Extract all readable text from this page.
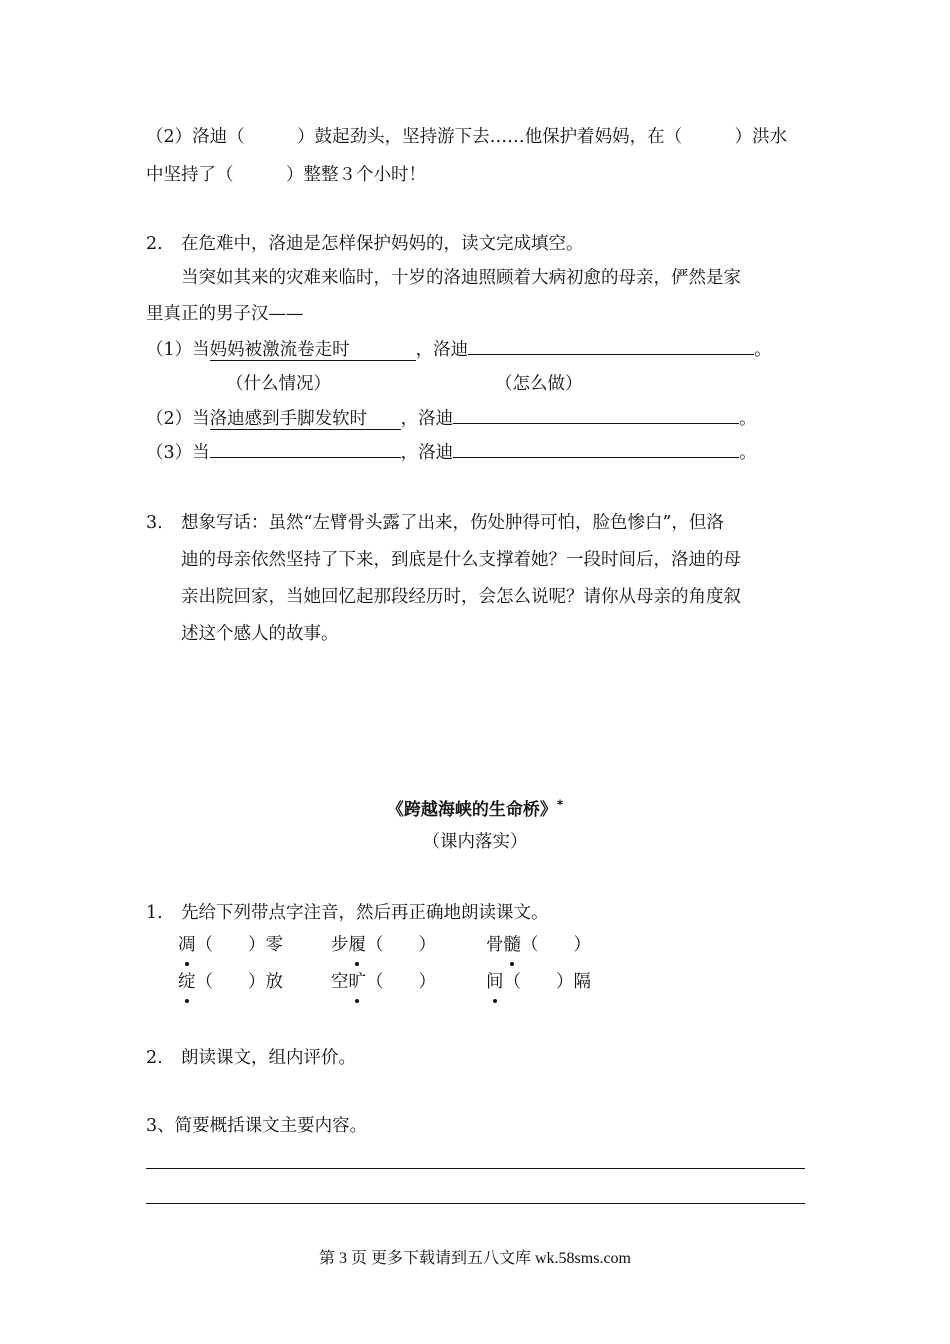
（2）洛迪（　　　）鼓起劲头，坚持游下去……他保护着妈妈，在（　　　）洪水
中坚持了（　　　）整整３个小时！
2. 在危难中，洛迪是怎样保护妈妈的，读文完成填空。
当突如其来的灾难来临时，十岁的洛迪照顾着大病初愈的母亲，俨然是家
里真正的男子汉——
（1）当妈妈被激流卷走时	，洛迪	。
（什么情况）	（怎么做）
（2）当洛迪感到手脚发软时，洛迪	。
（3）当	，洛迪	。
3. 想象写话：虽然“左臂骨头露了出来，伤处肿得可怕，脸色惨白”，但洛
迪的母亲依然坚持了下来，到底是什么支撑着她？一段时间后，洛迪的母
亲出院回家，当她回忆起那段经历时，会怎么说呢？请你从母亲的角度叙
述这个感人的故事。
《跨越海峡的生命桥》*
（课内落实）
1. 先给下列带点字注音，然后再正确地朗读课文。
凋（　　）零	步履（　　）	骨髓（　　）
绽（　　）放	空旷（　　）	间（　　）隔
2. 朗读课文，组内评价。
3、简要概括课文主要内容。
第 3 页 更多下载请到五八文库 wk.58sms.com
